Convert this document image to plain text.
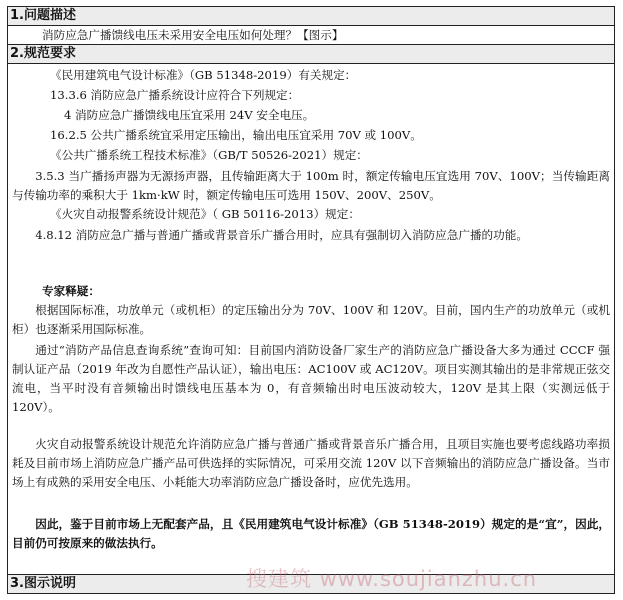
1.问题描述
消防应急广播馈线电压未采用安全电压如何处理？【图示】
2.规范要求
《民用建筑电气设计标准》（GB 51348-2019）有关规定：
13.3.6 消防应急广播系统设计应符合下列规定：
4 消防应急广播馈线电压宜采用 24V 安全电压。
16.2.5 公共广播系统宜采用定压输出，输出电压宜采用 70V 或 100V。
《公共广播系统工程技术标准》（GB/T 50526-2021）规定：
3.5.3 当广播扬声器为无源扬声器，且传输距离大于 100m 时，额定传输电压宜选用 70V、100V；当传输距离与传输功率的乘积大于 1km·kW 时，额定传输电压可选用 150V、200V、250V。
《火灾自动报警系统设计规范》（ GB 50116-2013）规定：
4.8.12 消防应急广播与普通广播或背景音乐广播合用时，应具有强制切入消防应急广播的功能。
专家释疑：
根据国际标准，功放单元（或机柜）的定压输出分为 70V、100V 和 120V。目前，国内生产的功放单元（或机柜）也逐渐采用国际标准。
通过“消防产品信息查询系统”查询可知：目前国内消防设备厂家生产的消防应急广播设备大多为通过 CCCF 强制认证产品（2019 年改为自愿性产品认证），输出电压：AC100V 或 AC120V。项目实测其输出的是非常规正弦交流电，当平时没有音频输出时馈线电压基本为 0，有音频输出时电压波动较大，120V 是其上限（实测远低于 120V）。
火灾自动报警系统设计规范允许消防应急广播与普通广播或背景音乐广播合用，且项目实施也要考虑线路功率损耗及目前市场上消防应急广播产品可供选择的实际情况，可采用交流 120V 以下音频输出的消防应急广播设备。当市场上有成熟的采用安全电压、小耗能大功率消防应急广播设备时，应优先选用。
因此，鉴于目前市场上无配套产品，且《民用建筑电气设计标准》（GB 51348-2019）规定的是“宜”，因此，目前仍可按原来的做法执行。
3.图示说明	搜建筑 www.soujianzhu.cn
